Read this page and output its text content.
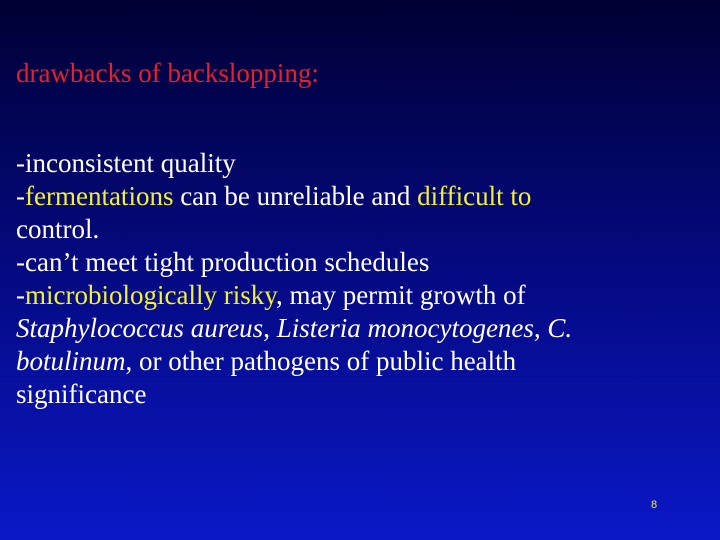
drawbacks of backslopping:
-inconsistent quality
-fermentations can be unreliable and difficult to
control.
-can’t meet tight production schedules
-microbiologically risky, may permit growth of
Staphylococcus aureus, Listeria monocytogenes, C.
botulinum, or other pathogens of public health
significance
8
